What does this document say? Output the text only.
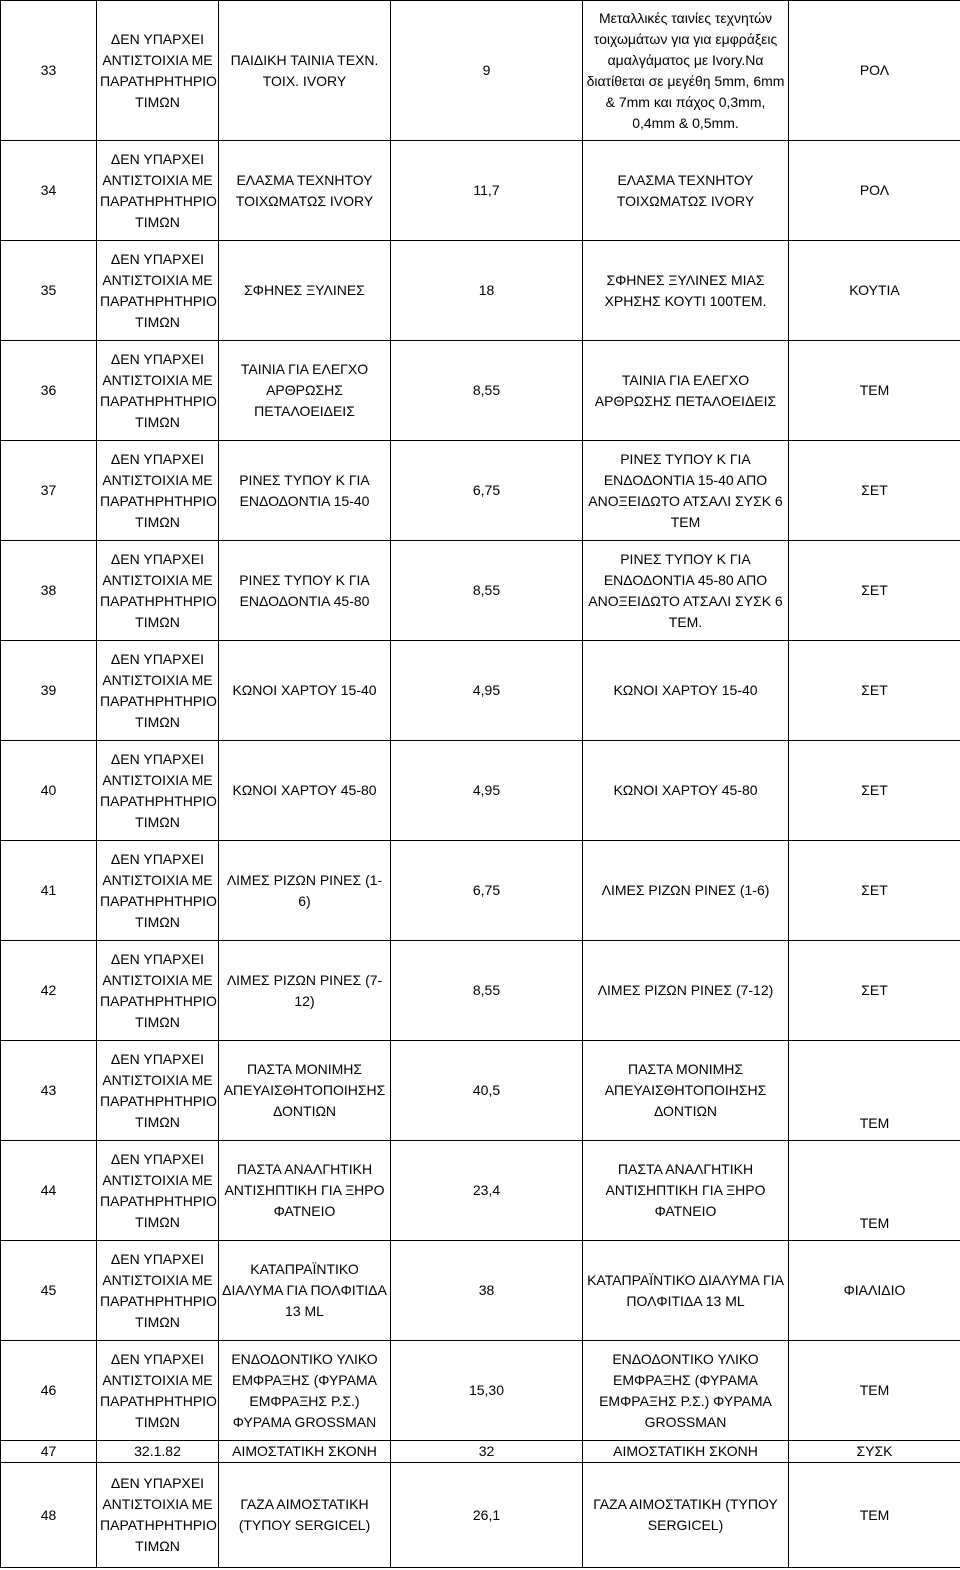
33	ΔΕΝ ΥΠΑΡΧΕΙ
ΑΝΤΙΣΤΟΙΧΙΑ ΜΕ
ΠΑΡΑΤΗΡΗΤΗΡΙΟ
ΤΙΜΩΝ	ΠΑΙΔΙΚΗ ΤΑΙΝΙΑ ΤΕΧΝ. ΤΟΙΧ. IVORY	9	Μεταλλικές ταινίες τεχνητών τοιχωμάτων για για εμφράξεις αμαλγάματος με Ivory.Να διατίθεται σε μεγέθη 5mm, 6mm & 7mm και πάχος 0,3mm, 0,4mm & 0,5mm.	ΡΟΛ
34	ΔΕΝ ΥΠΑΡΧΕΙ
ΑΝΤΙΣΤΟΙΧΙΑ ΜΕ
ΠΑΡΑΤΗΡΗΤΗΡΙΟ
ΤΙΜΩΝ	ΕΛΑΣΜΑ ΤΕΧΝΗΤΟΥ ΤΟΙΧΩΜΑΤΩΣ IVORY	11,7	ΕΛΑΣΜΑ ΤΕΧΝΗΤΟΥ ΤΟΙΧΩΜΑΤΩΣ IVORY	ΡΟΛ
35	ΔΕΝ ΥΠΑΡΧΕΙ
ΑΝΤΙΣΤΟΙΧΙΑ ΜΕ
ΠΑΡΑΤΗΡΗΤΗΡΙΟ
ΤΙΜΩΝ	ΣΦΗΝΕΣ ΞΥΛΙΝΕΣ	18	ΣΦΗΝΕΣ ΞΥΛΙΝΕΣ ΜΙΑΣ ΧΡΗΣΗΣ ΚΟΥΤΙ 100ΤΕΜ.	ΚΟΥΤΙΑ
36	ΔΕΝ ΥΠΑΡΧΕΙ
ΑΝΤΙΣΤΟΙΧΙΑ ΜΕ
ΠΑΡΑΤΗΡΗΤΗΡΙΟ
ΤΙΜΩΝ	ΤΑΙΝΙΑ ΓΙΑ ΕΛΕΓΧΟ ΑΡΘΡΩΣΗΣ ΠΕΤΑΛΟΕΙΔΕΙΣ	8,55	ΤΑΙΝΙΑ ΓΙΑ ΕΛΕΓΧΟ ΑΡΘΡΩΣΗΣ ΠΕΤΑΛΟΕΙΔΕΙΣ	ΤΕΜ
37	ΔΕΝ ΥΠΑΡΧΕΙ
ΑΝΤΙΣΤΟΙΧΙΑ ΜΕ
ΠΑΡΑΤΗΡΗΤΗΡΙΟ
ΤΙΜΩΝ	ΡΙΝΕΣ ΤΥΠΟΥ Κ ΓΙΑ ΕΝΔΟΔΟΝΤΙΑ 15-40	6,75	ΡΙΝΕΣ ΤΥΠΟΥ Κ ΓΙΑ ΕΝΔΟΔΟΝΤΙΑ 15-40 ΑΠΟ ΑΝΟΞΕΙΔΩΤΟ ΑΤΣΑΛΙ ΣΥΣΚ 6 ΤΕΜ	ΣΕΤ
38	ΔΕΝ ΥΠΑΡΧΕΙ
ΑΝΤΙΣΤΟΙΧΙΑ ΜΕ
ΠΑΡΑΤΗΡΗΤΗΡΙΟ
ΤΙΜΩΝ	ΡΙΝΕΣ ΤΥΠΟΥ Κ ΓΙΑ ΕΝΔΟΔΟΝΤΙΑ 45-80	8,55	ΡΙΝΕΣ ΤΥΠΟΥ Κ ΓΙΑ ΕΝΔΟΔΟΝΤΙΑ 45-80 ΑΠΟ ΑΝΟΞΕΙΔΩΤΟ ΑΤΣΑΛΙ ΣΥΣΚ 6 ΤΕΜ.	ΣΕΤ
39	ΔΕΝ ΥΠΑΡΧΕΙ
ΑΝΤΙΣΤΟΙΧΙΑ ΜΕ
ΠΑΡΑΤΗΡΗΤΗΡΙΟ
ΤΙΜΩΝ	ΚΩΝΟΙ ΧΑΡΤΟΥ 15-40	4,95	ΚΩΝΟΙ ΧΑΡΤΟΥ 15-40	ΣΕΤ
40	ΔΕΝ ΥΠΑΡΧΕΙ
ΑΝΤΙΣΤΟΙΧΙΑ ΜΕ
ΠΑΡΑΤΗΡΗΤΗΡΙΟ
ΤΙΜΩΝ	ΚΩΝΟΙ ΧΑΡΤΟΥ 45-80	4,95	ΚΩΝΟΙ ΧΑΡΤΟΥ 45-80	ΣΕΤ
41	ΔΕΝ ΥΠΑΡΧΕΙ
ΑΝΤΙΣΤΟΙΧΙΑ ΜΕ
ΠΑΡΑΤΗΡΗΤΗΡΙΟ
ΤΙΜΩΝ	ΛΙΜΕΣ ΡΙΖΩΝ ΡΙΝΕΣ (1-6)	6,75	ΛΙΜΕΣ ΡΙΖΩΝ ΡΙΝΕΣ (1-6)	ΣΕΤ
42	ΔΕΝ ΥΠΑΡΧΕΙ
ΑΝΤΙΣΤΟΙΧΙΑ ΜΕ
ΠΑΡΑΤΗΡΗΤΗΡΙΟ
ΤΙΜΩΝ	ΛΙΜΕΣ ΡΙΖΩΝ ΡΙΝΕΣ (7-12)	8,55	ΛΙΜΕΣ ΡΙΖΩΝ ΡΙΝΕΣ (7-12)	ΣΕΤ
43	ΔΕΝ ΥΠΑΡΧΕΙ
ΑΝΤΙΣΤΟΙΧΙΑ ΜΕ
ΠΑΡΑΤΗΡΗΤΗΡΙΟ
ΤΙΜΩΝ	ΠΑΣΤΑ ΜΟΝΙΜΗΣ ΑΠΕΥΑΙΣΘΗΤΟΠΟΙΗΣΗΣ ΔΟΝΤΙΩΝ	40,5	ΠΑΣΤΑ ΜΟΝΙΜΗΣ ΑΠΕΥΑΙΣΘΗΤΟΠΟΙΗΣΗΣ ΔΟΝΤΙΩΝ	ΤΕΜ
44	ΔΕΝ ΥΠΑΡΧΕΙ
ΑΝΤΙΣΤΟΙΧΙΑ ΜΕ
ΠΑΡΑΤΗΡΗΤΗΡΙΟ
ΤΙΜΩΝ	ΠΑΣΤΑ ΑΝΑΛΓΗΤΙΚΗ ΑΝΤΙΣΗΠΤΙΚΗ ΓΙΑ ΞΗΡΟ ΦΑΤΝΕΙΟ	23,4	ΠΑΣΤΑ ΑΝΑΛΓΗΤΙΚΗ ΑΝΤΙΣΗΠΤΙΚΗ ΓΙΑ ΞΗΡΟ ΦΑΤΝΕΙΟ	ΤΕΜ
45	ΔΕΝ ΥΠΑΡΧΕΙ
ΑΝΤΙΣΤΟΙΧΙΑ ΜΕ
ΠΑΡΑΤΗΡΗΤΗΡΙΟ
ΤΙΜΩΝ	ΚΑΤΑΠΡΑΪΝΤΙΚΟ ΔΙΑΛΥΜΑ ΓΙΑ ΠΟΛΦΙΤΙΔΑ 13 ML	38	ΚΑΤΑΠΡΑΪΝΤΙΚΟ ΔΙΑΛΥΜΑ ΓΙΑ ΠΟΛΦΙΤΙΔΑ 13 ML	ΦΙΑΛΙΔΙΟ
46	ΔΕΝ ΥΠΑΡΧΕΙ
ΑΝΤΙΣΤΟΙΧΙΑ ΜΕ
ΠΑΡΑΤΗΡΗΤΗΡΙΟ
ΤΙΜΩΝ	ΕΝΔΟΔΟΝΤΙΚΟ ΥΛΙΚΟ ΕΜΦΡΑΞΗΣ (ΦΥΡΑΜΑ ΕΜΦΡΑΞΗΣ Ρ.Σ.) ΦΥΡΑΜΑ GROSSMAN	15,30	ΕΝΔΟΔΟΝΤΙΚΟ ΥΛΙΚΟ ΕΜΦΡΑΞΗΣ (ΦΥΡΑΜΑ ΕΜΦΡΑΞΗΣ Ρ.Σ.) ΦΥΡΑΜΑ GROSSMAN	ΤΕΜ
47	32.1.82	ΑΙΜΟΣΤΑΤΙΚΗ ΣΚΟΝΗ	32	ΑΙΜΟΣΤΑΤΙΚΗ ΣΚΟΝΗ	ΣΥΣΚ
48	ΔΕΝ ΥΠΑΡΧΕΙ
ΑΝΤΙΣΤΟΙΧΙΑ ΜΕ
ΠΑΡΑΤΗΡΗΤΗΡΙΟ
ΤΙΜΩΝ	ΓΑΖΑ ΑΙΜΟΣΤΑΤΙΚΗ (ΤΥΠΟΥ SERGICEL)	26,1	ΓΑΖΑ ΑΙΜΟΣΤΑΤΙΚΗ (ΤΥΠΟΥ SERGICEL)	ΤΕΜ
